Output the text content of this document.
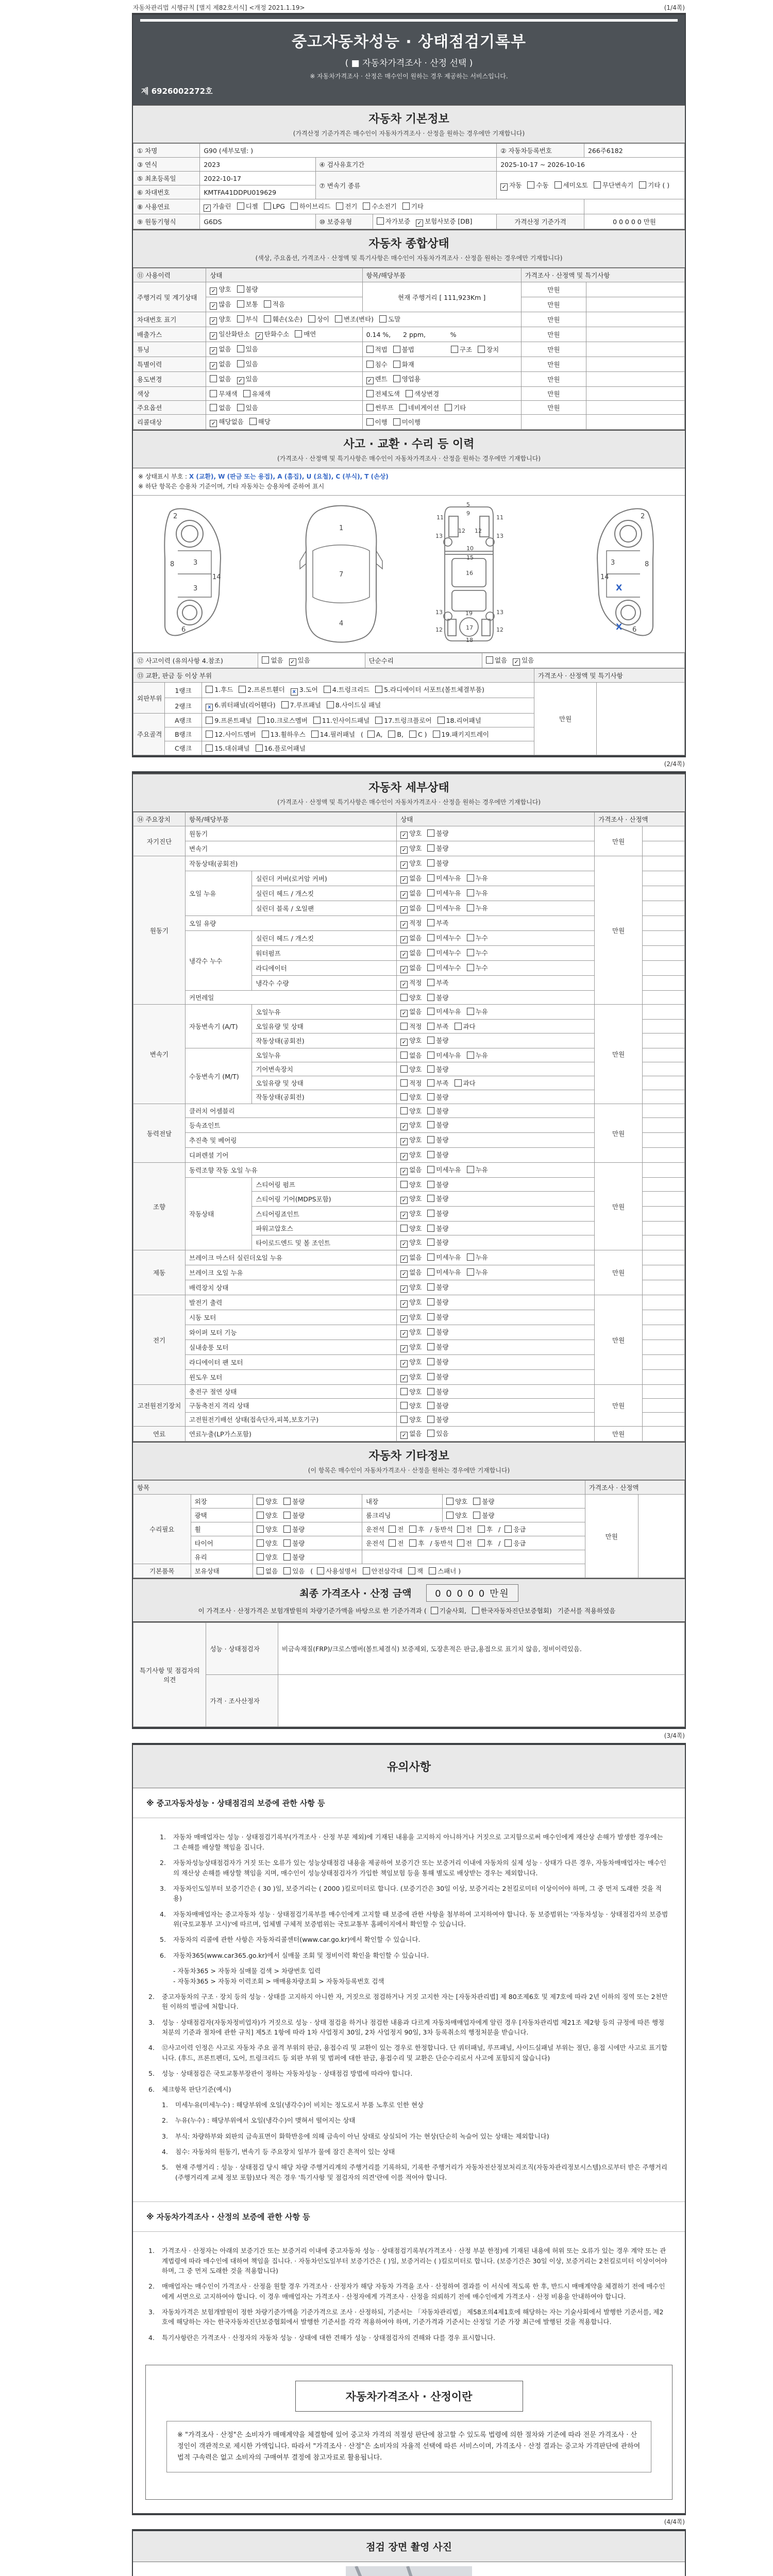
자동차관리법 시행규칙 [별지 제82호서식] <개정 2021.1.19>	(1/4쪽)
중고자동차성능 · 상태점검기록부
( ■ 자동차가격조사 · 산정 선택 )
※ 자동차가격조사 · 산정은 매수인이 원하는 경우 제공하는 서비스입니다.
제 6926002272호
자동차 기본정보
(가격산정 기준가격은 매수인이 자동차가격조사 · 산정을 원하는 경우에만 기재합니다)
① 차명	G90 (세부모델: )			② 자동차등록번호	266주6182
③ 연식	2023	④ 검사유효기간		2025-10-17 ~ 2026-10-16	
⑤ 최초등록일	2022-10-17	⑦ 변속기 종류		✓ 자동 수동 세미오토 무단변속기 기타 ( )	
⑥ 차대번호	KMTFA41DDPU019629				
⑧ 사용연료	✓ 가솔린 디젤 LPG 하이브리드 전기 수소전기 기타				
⑨ 원동기형식	G6DS	⑩ 보증유형	자가보증 ✓ 보험사보증 [DB]	가격산정 기준가격	0 0 0 0 0 만원
자동차 종합상태
(색상, 주요옵션, 가격조사 · 산정액 및 특기사항은 매수인이 자동차가격조사 · 산정을 원하는 경우에만 기재합니다)
⑪ 사용이력	상태	항목/해당부품	가격조사 · 산정액 및 특기사항	
주행거리 및 계기상태	✓ 양호 불량	현재 주행거리 [ 111,923Km ]	만원	
	✓ 많음 보통 적음		만원	
차대번호 표기	✓ 양호 부식 훼손(오손) 상이 변조(변타) 도말		만원	
배출가스	✓ 일산화탄소 ✓ 탄화수소 매연	0.14 %,      2 ppm,            %	만원	
튜닝	✓ 없음 있음	적법 불법 구조 장치	만원	
특별이력	✓ 없음 있음	침수 화재	만원	
용도변경	없음 ✓ 있음	✓ 렌트 영업용	만원	
색상	무채색 유채색	전체도색 색상변경	만원	
주요옵션	없음 있음	썬루프 네비게이션 기타	만원	
리콜대상	✓ 해당없음 해당	이행 미이행		
사고 · 교환 · 수리 등 이력
(가격조사 · 산정액 및 특기사항은 매수인이 자동차가격조사 · 산정을 원하는 경우에만 기재합니다)
※ 상태표시 부호 : X (교환), W (판금 또는 용접), A (흠집), U (요철), C (부식), T (손상)
※ 하단 항목은 승용차 기준이며, 기타 자동차는 승용차에 준하여 표시
2
8	3
3
14
6
1
7
4
5
9
11	11
13	13
12 12
10
15
16
13	13
12	12
19
17
18
2
8
3
14
6
X
X
⑫ 사고이력 (유의사항 4.참조)	없음 ✓ 있음	단순수리	없음 ✓ 있음
⑬ 교환, 판금 등 이상 부위			가격조사 · 산정액 및 특기사항	
외판부위	1랭크	1.후드 2.프론트휀더 x 3.도어 4.트렁크리드 5.라디에이터 서포트(볼트체결부품)	만원	
	2랭크	x 6.쿼터패널(리어휀다) 7.루프패널 8.사이드실 패널		
주요골격	A랭크	9.프론트패널 10.크로스멤버 11.인사이드패널 17.트렁크플로어 18.리어패널		
	B랭크	12.사이드멤버 13.휠하우스 14.필러패널 ( A, B, C ) 19.패키지트레이		
	C랭크	15.대쉬패널 16.플로어패널		
(2/4쪽)
자동차 세부상태
(가격조사 · 산정액 및 특기사항은 매수인이 자동차가격조사 · 산정을 원하는 경우에만 기재합니다)
⑭ 주요장치	항목/해당부품		상태	가격조사 · 산정액	
자기진단	원동기		✓ 양호 불량	만원	
	변속기		✓ 양호 불량		
원동기	작동상태(공회전)		✓ 양호 불량	만원	
	오일 누유	실린더 커버(로커암 커버)	✓ 없음 미세누유 누유		
		실린더 헤드 / 개스킷	✓ 없음 미세누유 누유		
		실린더 블록 / 오일팬	✓ 없음 미세누유 누유		
	오일 유량		✓ 적정 부족		
	냉각수 누수	실린더 헤드 / 개스킷	✓ 없음 미세누수 누수		
		워터펌프	✓ 없음 미세누수 누수		
		라디에이터	✓ 없음 미세누수 누수		
		냉각수 수량	✓ 적정 부족		
	커먼레일		양호 불량		
변속기	자동변속기 (A/T)	오일누유	✓ 없음 미세누유 누유	만원	
		오일유량 및 상태	적정 부족 과다		
		작동상태(공회전)	✓ 양호 불량		
	수동변속기 (M/T)	오일누유	없음 미세누유 누유		
		기어변속장치	양호 불량		
		오일유량 및 상태	적정 부족 과다		
		작동상태(공회전)	양호 불량		
동력전달	클러치 어셈블리		양호 불량	만원	
	등속죠인트		✓ 양호 불량		
	추진축 및 베어링		✓ 양호 불량		
	디퍼렌셜 기어		✓ 양호 불량		
조향	동력조향 작동 오일 누유		✓ 없음 미세누유 누유	만원	
	작동상태	스티어링 펌프	양호 불량		
		스티어링 기어(MDPS포함)	✓ 양호 불량		
		스티어링죠인트	✓ 양호 불량		
		파워고압호스	양호 불량		
		타이로드엔드 및 볼 조인트	✓ 양호 불량		
제동	브레이크 마스터 실린더오일 누유		✓ 없음 미세누유 누유	만원	
	브레이크 오일 누유		✓ 없음 미세누유 누유		
	배력장치 상태		✓ 양호 불량		
전기	발전기 출력		✓ 양호 불량	만원	
	시동 모터		✓ 양호 불량		
	와이퍼 모터 기능		✓ 양호 불량		
	실내송풍 모터		✓ 양호 불량		
	라디에이터 팬 모터		✓ 양호 불량		
	윈도우 모터		✓ 양호 불량		
고전원전기장치	충전구 절연 상태		양호 불량	만원	
	구동축전지 격리 상태		양호 불량		
	고전원전기배선 상태(접속단자,피복,보호기구)		양호 불량		
연료	연료누출(LP가스포함)		✓ 없음 있음	만원	
자동차 기타정보
(이 항목은 매수인이 자동차가격조사 · 산정을 원하는 경우에만 기재합니다)
항목					가격조사 · 산정액	
수리필요	외장	양호 불량	내장	양호 불량	만원	
	광택	양호 불량	룸크리닝	양호 불량		
	휠	양호 불량	운전석 전 후 / 동반석 전 후 / 응급			
	타이어	양호 불량	운전석 전 후 / 동반석 전 후 / 응급			
	유리	양호 불량				
기본품목	보유상태	없음 있음 ( 사용설명서 안전삼각대 잭 스패너 )				
최종 가격조사 · 산정 금액	0 0 0 0 0 만원
이 가격조사 · 산정가격은 보험개발원의 차량기준가액을 바탕으로 한 기준가격과 ( 기술사회, 한국자동차진단보증협회) 기준서를 적용하였음
특기사항 및 점검자의 의견	성능 · 상태점검자	비금속재질(FRP)/크로스멤버(볼트체결식) 보증제외, 도장흔적은 판금,용접으로 표기치 않음, 정비이력있음.
	가격 · 조사산정자	
(3/4쪽)
유의사항
※ 중고자동차성능 · 상태점검의 보증에 관한 사항 등
1.	자동차 매매업자는 성능 · 상태점검기록부(가격조사 · 산정 부분 제외)에 기재된 내용을 고지하지 아니하거나 거짓으로 고지함으로써 매수인에게 재산상 손해가 발생한 경우에는 그 손해를 배상할 책임을 집니다.
2.	자동차성능상태점검자가 거짓 또는 오류가 있는 성능상태점검 내용을 제공하여 보증기간 또는 보증거리 이내에 자동차의 실제 성능 · 상태가 다른 경우, 자동차매매업자는 매수인의 재산상 손해를 배상할 책임을 지며, 매수인이 성능상태점검자가 가입한 책임보험 등을 통해 별도로 배상받는 경우는 제외합니다.
3.	자동차인도일부터 보증기간은 ( 30 )일, 보증거리는 ( 2000 )킬로미터로 합니다. (보증기간은 30일 이상, 보증거리는 2천킬로미터 이상이어야 하며, 그 중 먼저 도래한 것을 적용)
4.	자동차매매업자는 중고자동차 성능 · 상태점검기록부를 매수인에게 고지할 때 보증에 관한 사항을 첨부하여 고지하여야 합니다. 동 보증범위는 '자동차성능 · 상태점검자의 보증범위(국토교통부 고시)'에 따르며, 업체별 구체적 보증범위는 국토교통부 홈페이지에서 확인할 수 있습니다.
5.	자동차의 리콜에 관한 사항은 자동차리콜센터(www.car.go.kr)에서 확인할 수 있습니다.
6.	자동차365(www.car365.go.kr)에서 실매물 조회 및 정비이력 확인을 확인할 수 있습니다.
- 자동차365 > 자동차 실매물 검색 > 차량번호 입력
- 자동차365 > 자동차 이력조회 > 매매용차량조회 > 자동차등록번호 검색
2.	중고자동차의 구조 · 장치 등의 성능 · 상태를 고지하지 아니한 자, 거짓으로 점검하거나 거짓 고지한 자는 [자동차관리법] 제 80조제6호 및 제7호에 따라 2년 이하의 징역 또는 2천만원 이하의 벌금에 처합니다.
3.	성능 · 상태점검자(자동차정비업자)가 거짓으로 성능 · 상태 점검을 하거나 점검한 내용과 다르게 자동차매매업자에게 알린 경우 [자동차관리법 제21조 제2항 등의 규정에 따른 행정처분의 기준과 절차에 관한 규칙] 제5조 1항에 따라 1차 사업정지 30일, 2차 사업정지 90일, 3차 등록취소의 행정처분을 받습니다.
4.	⑫사고이력 인정은 사고로 자동차 주요 골격 부위의 판금, 용접수리 및 교환이 있는 경우로 한정합니다. 단 쿼터패널, 루프패널, 사이드실패널 부위는 절단, 용접 시에만 사고로 표기합니다. (후드, 프론트펜더, 도어, 트렁크리드 등 외판 부위 및 범퍼에 대한 판금, 용접수리 및 교환은 단순수리로서 사고에 포함되지 않습니다)
5.	성능 · 상태점검은 국토교통부장관이 정하는 자동차성능 · 상태점검 방법에 따라야 합니다.
6.	체크항목 판단기준(예시)
1.	미세누유(미세누수) : 해당부위에 오일(냉각수)이 비치는 정도로서 부품 노후로 인한 현상
2.	누유(누수) : 해당부위에서 오일(냉각수)이 맺혀서 떨어지는 상태
3.	부식: 차량하부와 외판의 금속표면이 화학반응에 의해 금속이 아닌 상태로 상실되어 가는 현상(단순히 녹슬어 있는 상태는 제외합니다)
4.	침수: 자동차의 원동기, 변속기 등 주요장치 일부가 물에 잠긴 흔적이 있는 상태
5.	현재 주행거리 : 성능 · 상태점검 당시 해당 차량 주행거리계의 주행거리를 기록하되, 기록한 주행거리가 자동차전산정보처리조직(자동차관리정보시스템)으로부터 받은 주행거리(주행거리계 교체 정보 포함)보다 적은 경우 '특기사항 및 점검자의 의견'란에 이를 적어야 합니다.
※ 자동차가격조사 · 산정의 보증에 관한 사항 등
1.	가격조사 · 산정자는 아래의 보증기간 또는 보증거리 이내에 중고자동차 성능 · 상태점검기록부(가격조사 · 산정 부분 한정)에 기재된 내용에 허위 또는 오류가 있는 경우 계약 또는 관계법령에 따라 매수인에 대하여 책임을 집니다. · 자동차인도일부터 보증기간은 ( )일, 보증거리는 ( )킬로미터로 합니다. (보증기간은 30일 이상, 보증거리는 2천킬로미터 이상이어야 하며, 그 중 먼저 도래한 것을 적용합니다)
2.	매매업자는 매수인이 가격조사 · 산정을 원할 경우 가격조사 · 산정자가 해당 자동차 가격을 조사 · 산정하여 결과를 이 서식에 적도록 한 후, 반드시 매매계약을 체결하기 전에 매수인에게 서면으로 고지하여야 합니다. 이 경우 매매업자는 가격조사 · 산정자에게 가격조사 · 산정을 의뢰하기 전에 매수인에게 가격조사 · 산정 비용을 안내하여야 합니다.
3.	자동차가격은 보험개발원이 정한 차량기준가액을 기준가격으로 조사 · 산정하되, 기준서는 「자동차관리법」 제58조의4제1호에 해당하는 자는 기술사회에서 발행한 기준서를, 제2호에 해당하는 자는 한국자동차진단보증협회에서 발행한 기준서를 각각 적용하여야 하며, 기준가격과 기준서는 산정일 기준 가장 최근에 발행된 것을 적용합니다.
4.	특기사항란은 가격조사 · 산정자의 자동차 성능 · 상태에 대한 견해가 성능 · 상태점검자의 견해와 다를 경우 표시합니다.
자동차가격조사 · 산정이란
※ "가격조사 · 산정"은 소비자가 매매계약을 체결함에 있어 중고차 가격의 적절성 판단에 참고할 수 있도록 법령에 의한 절차와 기준에 따라 전문 가격조사 · 산정인이 객관적으로 제시한 가액입니다. 따라서 "가격조사 · 산정"은 소비자의 자율적 선택에 따른 서비스이며, 가격조사 · 산정 결과는 중고차 가격판단에 관하여 법적 구속력은 없고 소비자의 구매여부 결정에 참고자료로 활용됩니다.
(4/4쪽)
점검 장면 촬영 사진
